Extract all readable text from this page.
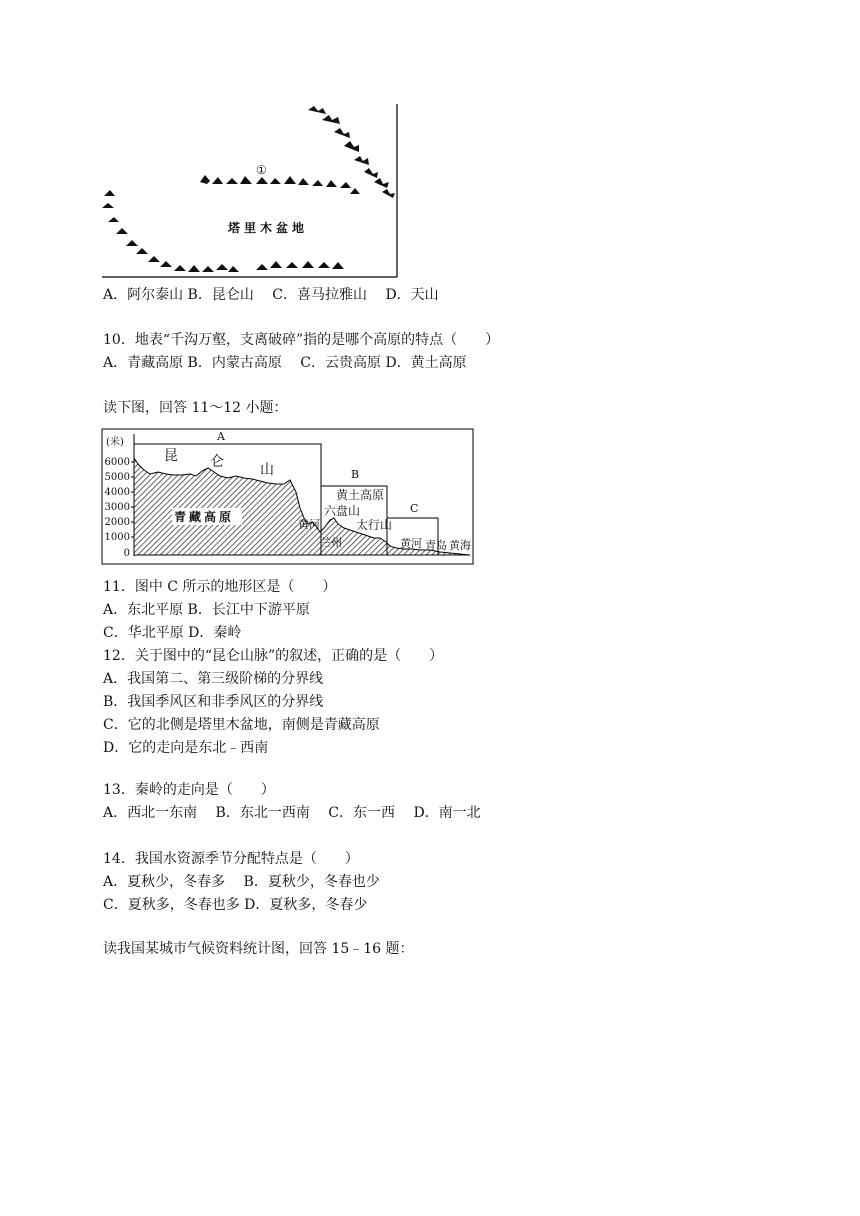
①
塔里木盆地
A．阿尔泰山 B．昆仑山　 C．喜马拉雅山　 D．天山
10．地表“千沟万壑，支离破碎”指的是哪个高原的特点（　　）
A．青藏高原 B．内蒙古高原　 C．云贵高原 D．黄土高原
读下图，回答 11～12 小题：
(米)
6000
5000
4000
3000
2000
1000
0
A
B
C
昆 仑	山
青藏高原
黄土高原
六盘山
太行山
黄河
兰州	黄河 青岛 黄海
11．图中 C 所示的地形区是（　　）
A．东北平原 B．长江中下游平原
C．华北平原 D．秦岭
12．关于图中的“昆仑山脉”的叙述，正确的是（　　）
A．我国第二、第三级阶梯的分界线
B．我国季风区和非季风区的分界线
C．它的北侧是塔里木盆地，南侧是青藏高原
D．它的走向是东北﹣西南
13．秦岭的走向是（　　）
A．西北一东南　 B．东北一西南　 C．东一西　 D．南一北
14．我国水资源季节分配特点是（　　）
A．夏秋少，冬春多　 B．夏秋少，冬春也少
C．夏秋多，冬春也多 D．夏秋多，冬春少
读我国某城市气候资料统计图，回答 15﹣16 题：
